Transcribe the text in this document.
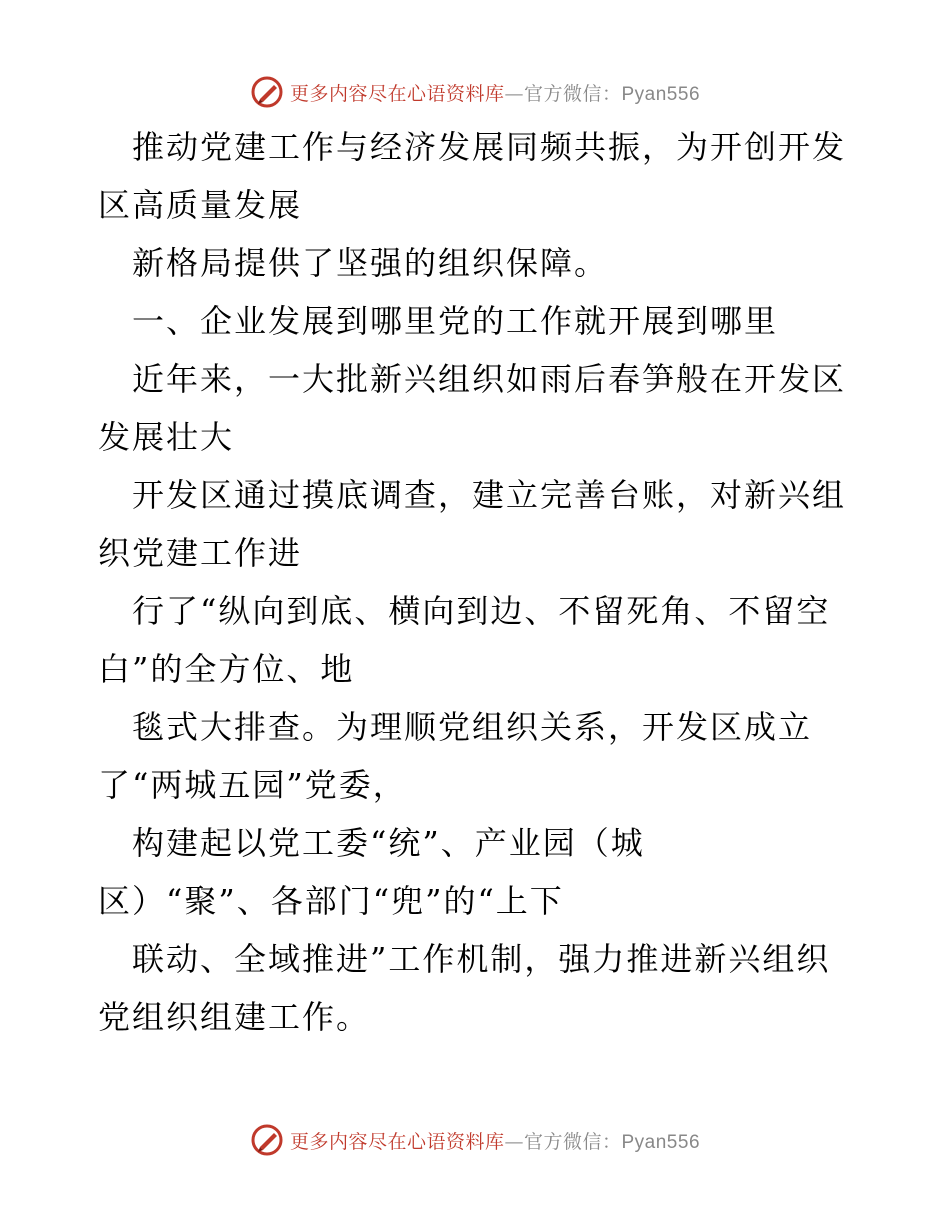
更多内容尽在心语资料库—官方微信：Pyan556

　推动党建工作与经济发展同频共振，为开创开发
区高质量发展

　新格局提供了坚强的组织保障。

　一、企业发展到哪里党的工作就开展到哪里

　近年来，一大批新兴组织如雨后春笋般在开发区
发展壮大

　开发区通过摸底调查，建立完善台账，对新兴组
织党建工作进

　行了“纵向到底、横向到边、不留死角、不留空
白”的全方位、地

　毯式大排查。为理顺党组织关系，开发区成立
了“两城五园”党委，

　构建起以党工委“统”、产业园（城
区）“聚”、各部门“兜”的“上下

　联动、全域推进”工作机制，强力推进新兴组织
党组织组建工作。

更多内容尽在心语资料库—官方微信：Pyan556
